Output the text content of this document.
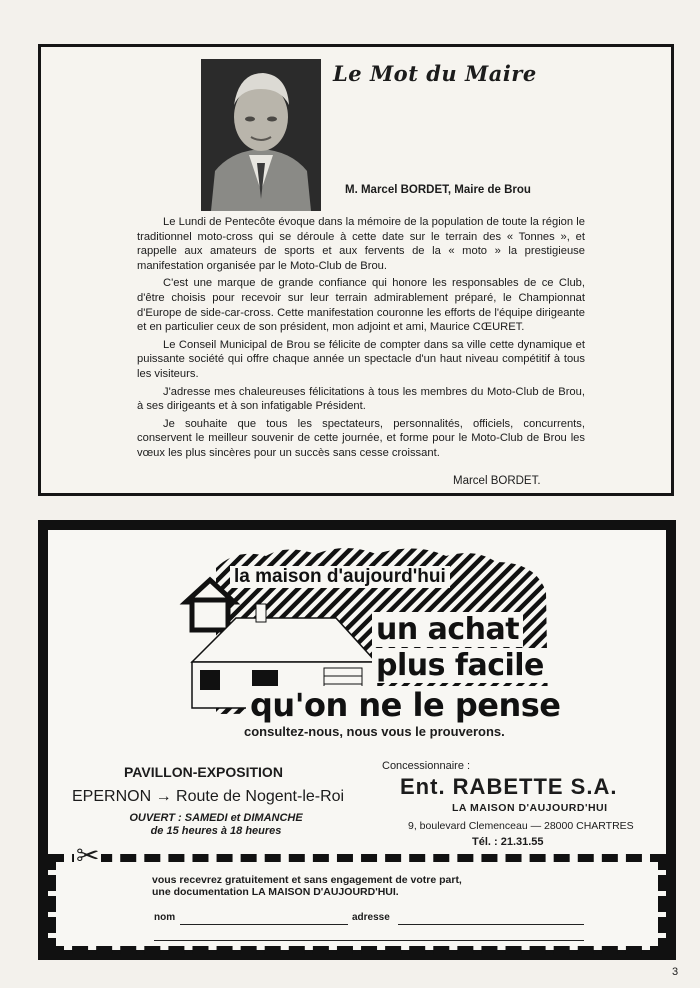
Le Mot du Maire
M. Marcel BORDET, Maire de Brou

Le Lundi de Pentecôte évoque dans la mémoire de la population de toute la région le traditionnel moto-cross qui se déroule à cette date sur le terrain des « Tonnes », et rappelle aux amateurs de sports et aux fervents de la « moto » la prestigieuse manifestation organisée par le Moto-Club de Brou.

C'est une marque de grande confiance qui honore les responsables de ce Club, d'être choisis pour recevoir sur leur terrain admirablement préparé, le Championnat d'Europe de side-car-cross. Cette manifestation couronne les efforts de l'équipe dirigeante et en particulier ceux de son président, mon adjoint et ami, Maurice CŒURET.

Le Conseil Municipal de Brou se félicite de compter dans sa ville cette dynamique et puissante société qui offre chaque année un spectacle d'un haut niveau compétitif à tous les visiteurs.

J'adresse mes chaleureuses félicitations à tous les membres du Moto-Club de Brou, à ses dirigeants et à son infatigable Président.

Je souhaite que tous les spectateurs, personnalités, officiels, concurrents, conservent le meilleur souvenir de cette journée, et forme pour le Moto-Club de Brou les vœux les plus sincères pour un succès sans cesse croissant.

Marcel BORDET.
la maison d'aujourd'hui
un achat
plus facile
qu'on ne le pense
consultez-nous, nous vous le prouverons.
PAVILLON-EXPOSITION
EPERNON → Route de Nogent-le-Roi
OUVERT : SAMEDI et DIMANCHE
de 15 heures à 18 heures
Concessionnaire :
Ent. RABETTE S.A.
LA MAISON D'AUJOURD'HUI
9, boulevard Clemenceau — 28000 CHARTRES
Tél. : 21.31.55
✂
vous recevrez gratuitement et sans engagement de votre part,
une documentation LA MAISON D'AUJOURD'HUI.
nom	adresse
3
